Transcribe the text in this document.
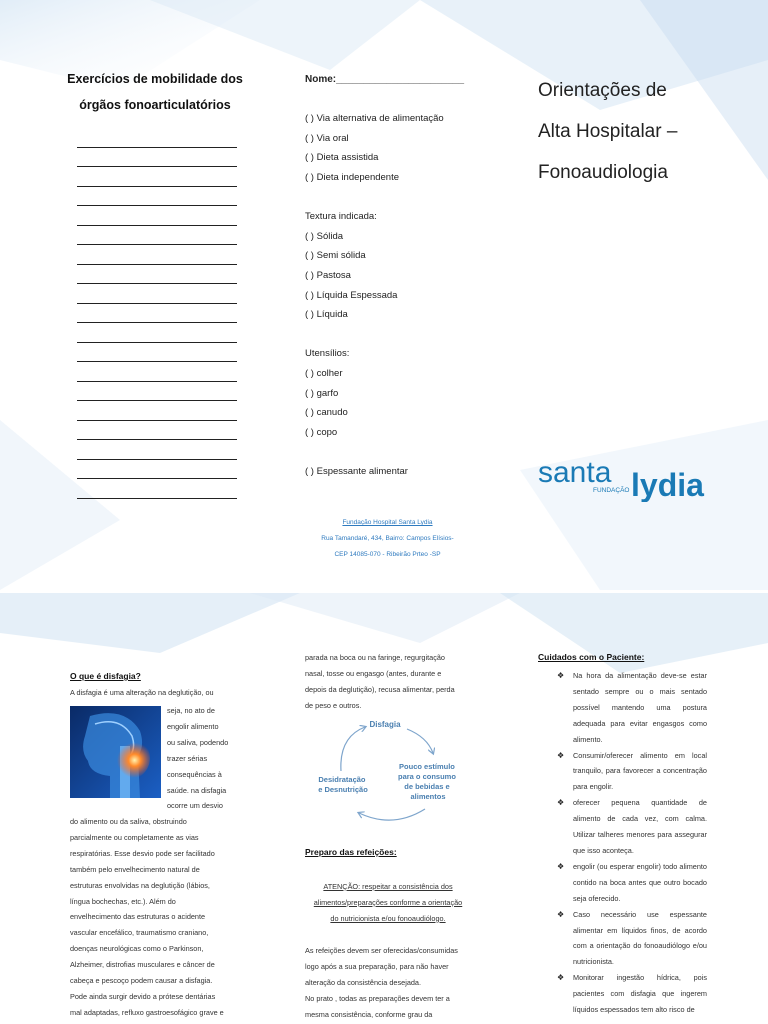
Exercícios de mobilidade dos
órgãos fonoarticulatórios
Nome:_______________________
( ) Via alternativa de alimentação
( ) Via oral
( ) Dieta assistida
( ) Dieta independente
Textura indicada:
( ) Sólida
( ) Semi sólida
( ) Pastosa
( ) Líquida Espessada
( ) Líquida
Utensílios:
( ) colher
( ) garfo
( ) canudo
( ) copo
( ) Espessante alimentar
Fundação Hospital Santa Lydia
Rua Tamandaré, 434, Bairro: Campos Elísios-
CEP 14085-070 - Ribeirão Prteo -SP
Orientações de
Alta Hospitalar –
Fonoaudiologia
santa
FUNDAÇÃO lydia
O que é disfagia?
A disfagia é uma alteração na deglutição, ou
seja, no ato de
engolir alimento
ou saliva, podendo
trazer sérias
consequências à
saúde. na disfagia
ocorre um desvio
do alimento ou da saliva, obstruindo
parcialmente ou completamente as vias
respiratórias. Esse desvio pode ser facilitado
também pelo envelhecimento natural de
estruturas envolvidas na deglutição (lábios,
língua bochechas, etc.). Além do
envelhecimento das estruturas o acidente
vascular encefálico, traumatismo craniano,
doenças neurológicas como o Parkinson,
Alzheimer, distrofias musculares e câncer de
cabeça e pescoço podem causar a disfagia.
Pode ainda surgir devido a prótese dentárias
mal adaptadas, refluxo gastroesofágico grave e
parada na boca ou na faringe, regurgitação
nasal, tosse ou engasgo (antes, durante e
depois da deglutição), recusa alimentar, perda
de peso e outros.
Disfagia
Pouco estímulo para o consumo de bebidas e alimentos
Desidratação e Desnutrição
Preparo das refeições:
ATENÇÃO: respeitar a consistência dos
alimentos/preparações conforme a orientação
do nutricionista e/ou fonoaudiólogo.
As refeições devem ser oferecidas/consumidas
logo após a sua preparação, para não haver
alteração da consistência desejada.
No prato , todas as preparações devem ter a
mesma consistência, conforme grau da
Cuidados com o Paciente:
❖ Na hora da alimentação deve-se estar sentado sempre ou o mais sentado possível mantendo uma postura adequada para evitar engasgos como alimento.
❖ Consumir/oferecer alimento em local tranquilo, para favorecer a concentração para engolir.
❖ oferecer pequena quantidade de alimento de cada vez, com calma. Utilizar talheres menores para assegurar que isso aconteça.
❖ engolir (ou esperar engolir) todo alimento contido na boca antes que outro bocado seja oferecido.
❖ Caso necessário use espessante alimentar em líquidos finos, de acordo com a orientação do fonoaudiólogo e/ou nutricionista.
❖ Monitorar ingestão hídrica, pois pacientes com disfagia que ingerem líquidos espessados tem alto risco de
